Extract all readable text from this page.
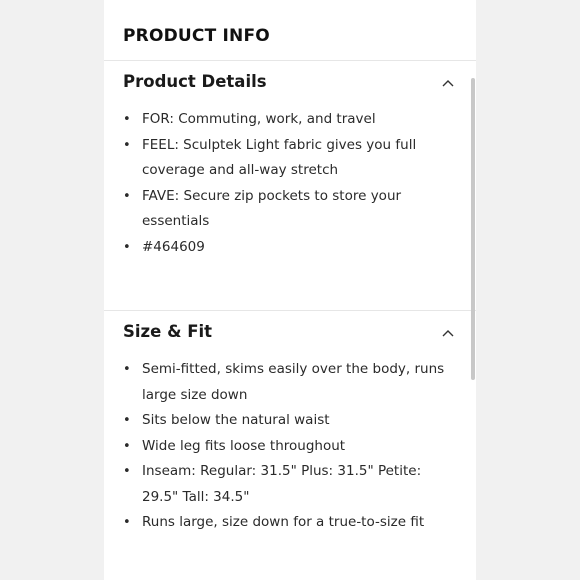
PRODUCT INFO
Product Details
• FOR: Commuting, work, and travel
• FEEL: Sculptek Light fabric gives you full coverage and all-way stretch
• FAVE: Secure zip pockets to store your essentials
• #464609
Size & Fit
• Semi-fitted, skims easily over the body, runs large size down
• Sits below the natural waist
• Wide leg fits loose throughout
• Inseam: Regular: 31.5" Plus: 31.5" Petite: 29.5" Tall: 34.5"
• Runs large, size down for a true-to-size fit
